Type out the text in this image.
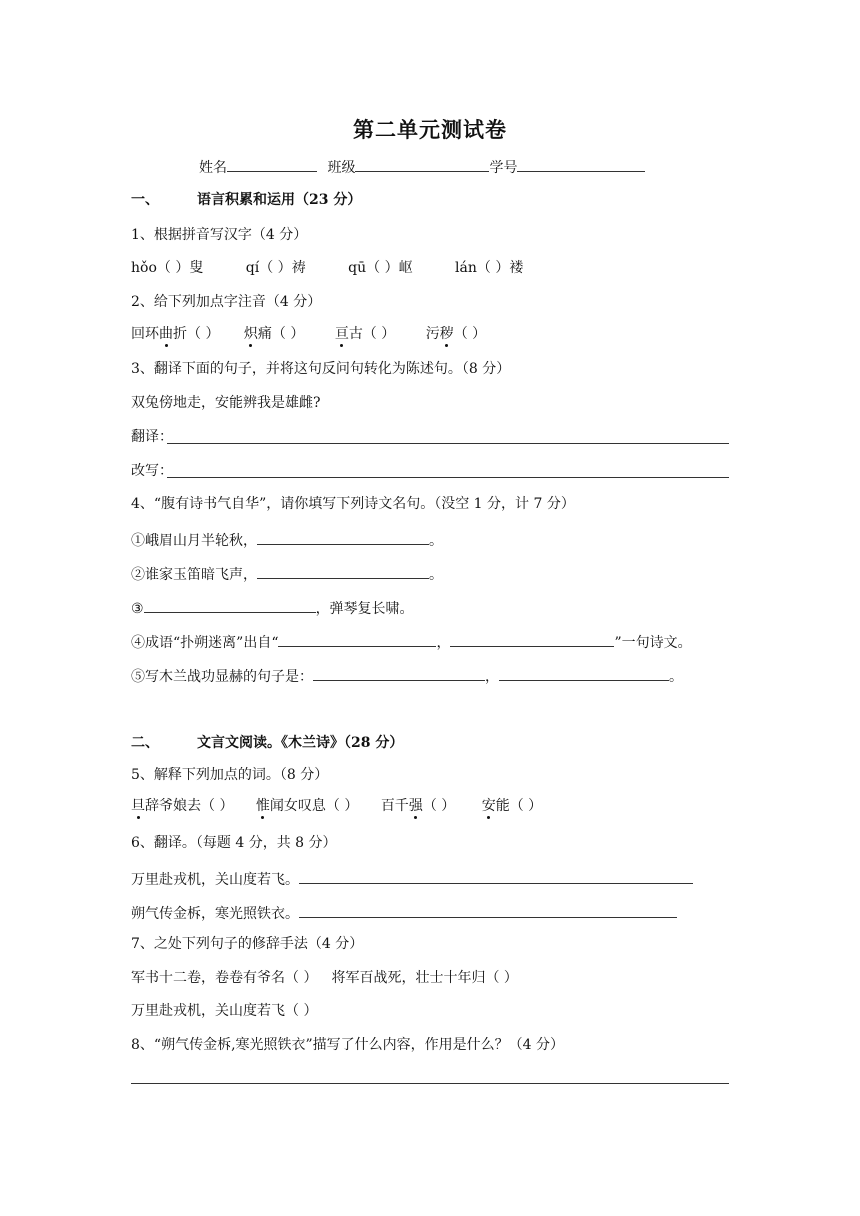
第二单元测试卷
姓名	班级	学号
一、	语言积累和运用（23 分）
1、根据拼音写汉字（4 分）
hǒo（ ）叟	qí（ ）祷	qū（ ）岖	lán（ ）褛
2、给下列加点字注音（4 分）
回环曲折（ ） 炽痛（ ） 亘古（ ） 污秽（ ）
3、翻译下面的句子，并将这句反问句转化为陈述句。（8 分）
双兔傍地走，安能辨我是雄雌?
翻译：
改写：
4、“腹有诗书气自华”，请你填写下列诗文名句。（没空 1 分，计 7 分）
①峨眉山月半轮秋，	。
②谁家玉笛暗飞声，	。
③	，弹琴复长啸。
④成语“扑朔迷离”出自“	，	”一句诗文。
⑤写木兰战功显赫的句子是：	，	。
二、	文言文阅读。《木兰诗》（28 分）
5、解释下列加点的词。（8 分）
旦辞爷娘去（ ） 惟闻女叹息（ ） 百千强（ ） 安能（ ）
6、翻译。（每题 4 分，共 8 分）
万里赴戎机，关山度若飞。
朔气传金柝，寒光照铁衣。
7、之处下列句子的修辞手法（4 分）
军书十二卷，卷卷有爷名（ ） 将军百战死，壮士十年归（ ）
万里赴戎机，关山度若飞（ ）
8、“朔气传金柝,寒光照铁衣”描写了什么内容，作用是什么？（4 分）
